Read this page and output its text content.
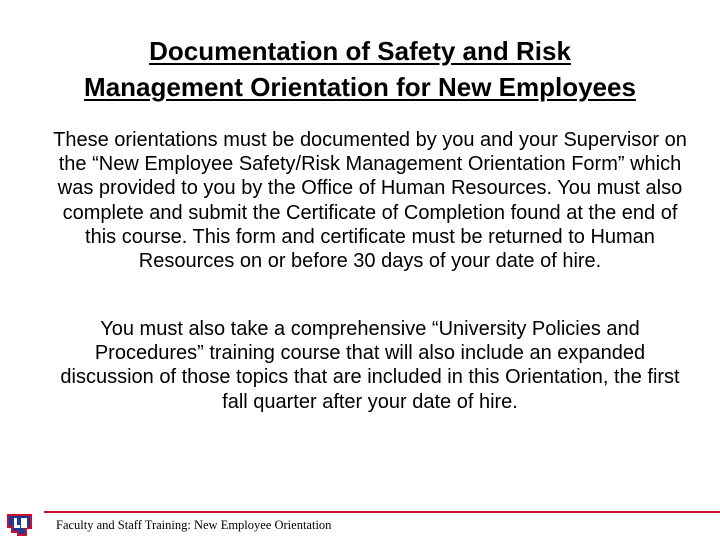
Documentation of Safety and Risk
Management Orientation for New Employees

These orientations must be documented by you and your Supervisor on the “New Employee Safety/Risk Management Orientation Form” which was provided to you by the Office of Human Resources. You must also complete and submit the Certificate of Completion found at the end of this course. This form and certificate must be returned to Human Resources on or before 30 days of your date of hire.

You must also take a comprehensive “University Policies and Procedures” training course that will also include an expanded discussion of those topics that are included in this Orientation, the first fall quarter after your date of hire.

Faculty and Staff Training: New Employee Orientation
